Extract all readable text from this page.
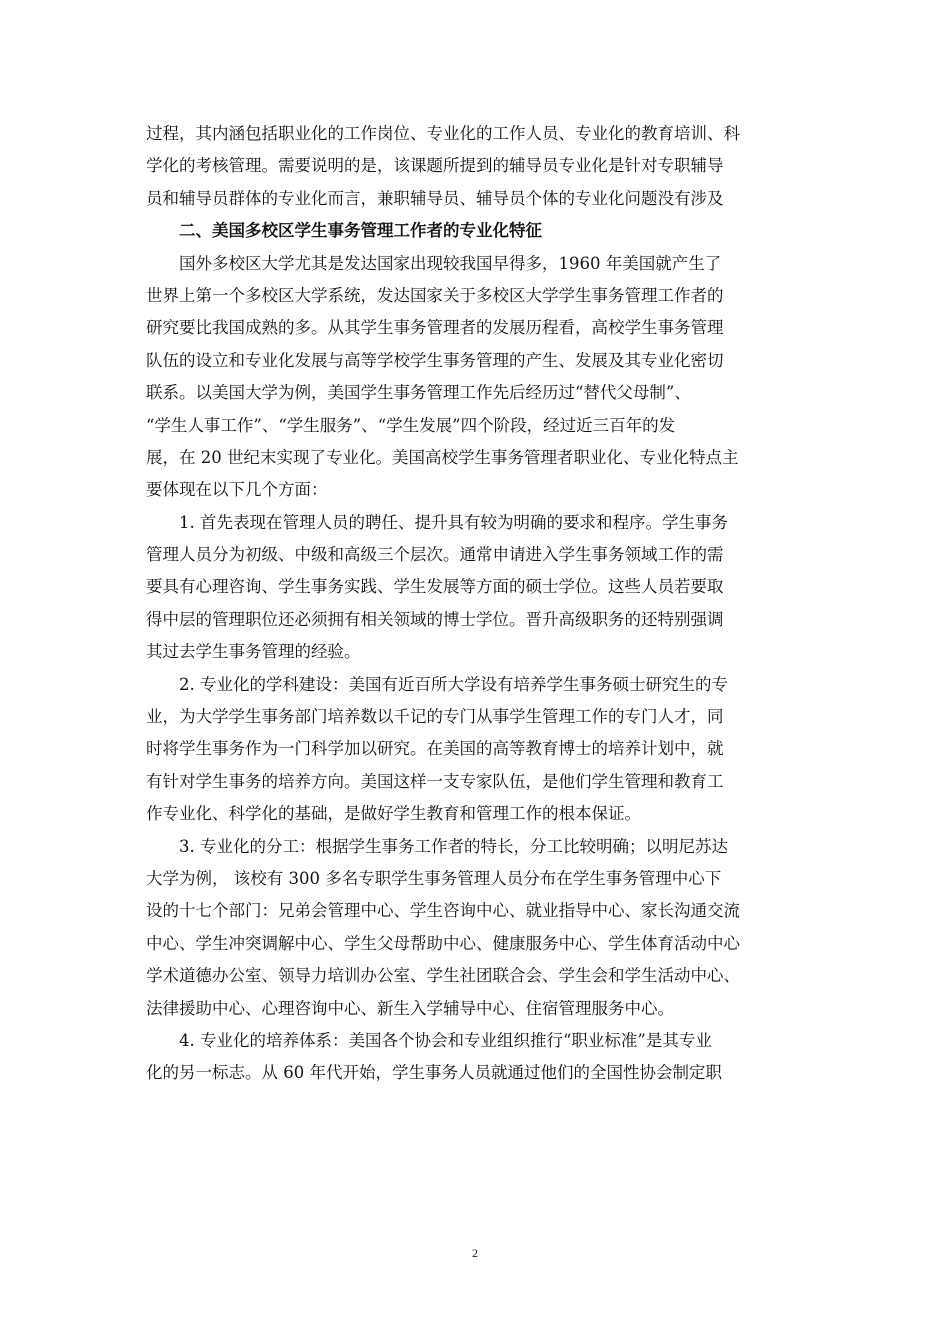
过程，其内涵包括职业化的工作岗位、专业化的工作人员、专业化的教育培训、科
学化的考核管理。需要说明的是，该课题所提到的辅导员专业化是针对专职辅导
员和辅导员群体的专业化而言，兼职辅导员、辅导员个体的专业化问题没有涉及
二、美国多校区学生事务管理工作者的专业化特征
国外多校区大学尤其是发达国家出现较我国早得多，1960 年美国就产生了
世界上第一个多校区大学系统，发达国家关于多校区大学学生事务管理工作者的
研究要比我国成熟的多。从其学生事务管理者的发展历程看，高校学生事务管理
队伍的设立和专业化发展与高等学校学生事务管理的产生、发展及其专业化密切
联系。以美国大学为例，美国学生事务管理工作先后经历过“替代父母制”、
“学生人事工作”、“学生服务”、“学生发展”四个阶段，经过近三百年的发
展，在 20 世纪末实现了专业化。美国高校学生事务管理者职业化、专业化特点主
要体现在以下几个方面：
1. 首先表现在管理人员的聘任、提升具有较为明确的要求和程序。学生事务
管理人员分为初级、中级和高级三个层次。通常申请进入学生事务领域工作的需
要具有心理咨询、学生事务实践、学生发展等方面的硕士学位。这些人员若要取
得中层的管理职位还必须拥有相关领域的博士学位。晋升高级职务的还特别强调
其过去学生事务管理的经验。
2. 专业化的学科建设：美国有近百所大学设有培养学生事务硕士研究生的专
业，为大学学生事务部门培养数以千记的专门从事学生管理工作的专门人才，同
时将学生事务作为一门科学加以研究。在美国的高等教育博士的培养计划中，就
有针对学生事务的培养方向。美国这样一支专家队伍，是他们学生管理和教育工
作专业化、科学化的基础，是做好学生教育和管理工作的根本保证。
3. 专业化的分工：根据学生事务工作者的特长，分工比较明确；以明尼苏达
大学为例， 该校有 300 多名专职学生事务管理人员分布在学生事务管理中心下
设的十七个部门：兄弟会管理中心、学生咨询中心、就业指导中心、家长沟通交流
中心、学生冲突调解中心、学生父母帮助中心、健康服务中心、学生体育活动中心
学术道德办公室、领导力培训办公室、学生社团联合会、学生会和学生活动中心、
法律援助中心、心理咨询中心、新生入学辅导中心、住宿管理服务中心。
4. 专业化的培养体系：美国各个协会和专业组织推行“职业标准”是其专业
化的另一标志。从 60 年代开始，学生事务人员就通过他们的全国性协会制定职
2
